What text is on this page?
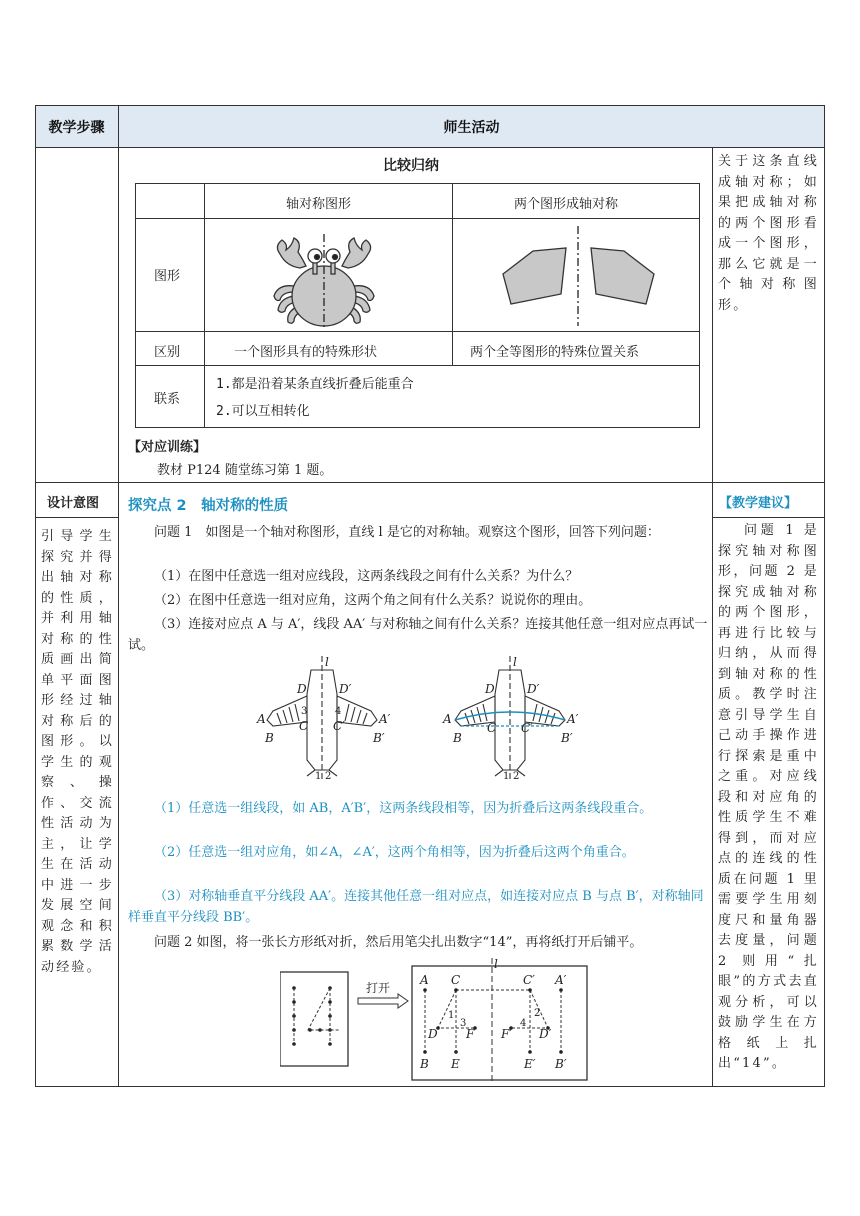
教学步骤	师生活动
比较归纳
轴对称图形	两个图形成轴对称
图形
区别	一个图形具有的特殊形状	两个全等图形的特殊位置关系
联系
1.都是沿着某条直线折叠后能重合
2.可以互相转化
【对应训练】
教材 P124 随堂练习第 1 题。
关于这条直线成轴对称；如果把成轴对称的两个图形看成一个图形，那么它就是一个轴对称图形。
设计意图
引导学生探究并得出轴对称的性质，并利用轴对称的性质画出简单平面图形经过轴对称后的图形。以学生的观察、操作、交流性活动为主，让学生在活动中进一步发展空间观念和积累数学活动经验。
【教学建议】
问题 1 是探究轴对称图形，问题 2 是探究成轴对称的两个图形，再进行比较与归纳，从而得到轴对称的性质。教学时注意引导学生自己动手操作进行探索是重中之重。对应线段和对应角的性质学生不难得到，而对应点的连线的性质在问题 1 里需要学生用刻度尺和量角器去度量，问题 2 则用“扎眼”的方式去直观分析，可以鼓励学生在方格纸上扎出“14”。
探究点 2　轴对称的性质
问题 1　如图是一个轴对称图形，直线 l 是它的对称轴。观察这个图形，回答下列问题：
（1）在图中任意选一组对应线段，这两条线段之间有什么关系？为什么？
（2）在图中任意选一组对应角，这两个角之间有什么关系？说说你的理由。
（3）连接对应点 A 与 A′，线段 AA′ 与对称轴之间有什么关系？连接其他任意一组对应点再试一试。
l
D	D′
A	A′
B	B′
C C′
3	4
1 2
l
D	D′
A	A′
B	B′
C C′
1 2
（1）任意选一组线段，如 AB，A′B′，这两条线段相等，因为折叠后这两条线段重合。
（2）任意选一组对应角，如∠A，∠A′，这两个角相等，因为折叠后这两个角重合。
（3）对称轴垂直平分线段 AA′。连接其他任意一组对应点，如连接对应点 B 与点 B′，对称轴同样垂直平分线段 BB′。
问题 2 如图，将一张长方形纸对折，然后用笔尖扎出数字“14”，再将纸打开后铺平。
打开
l
A C	C′ A′
D F F′ D′
B E	E′ B′
1
3
2
4
